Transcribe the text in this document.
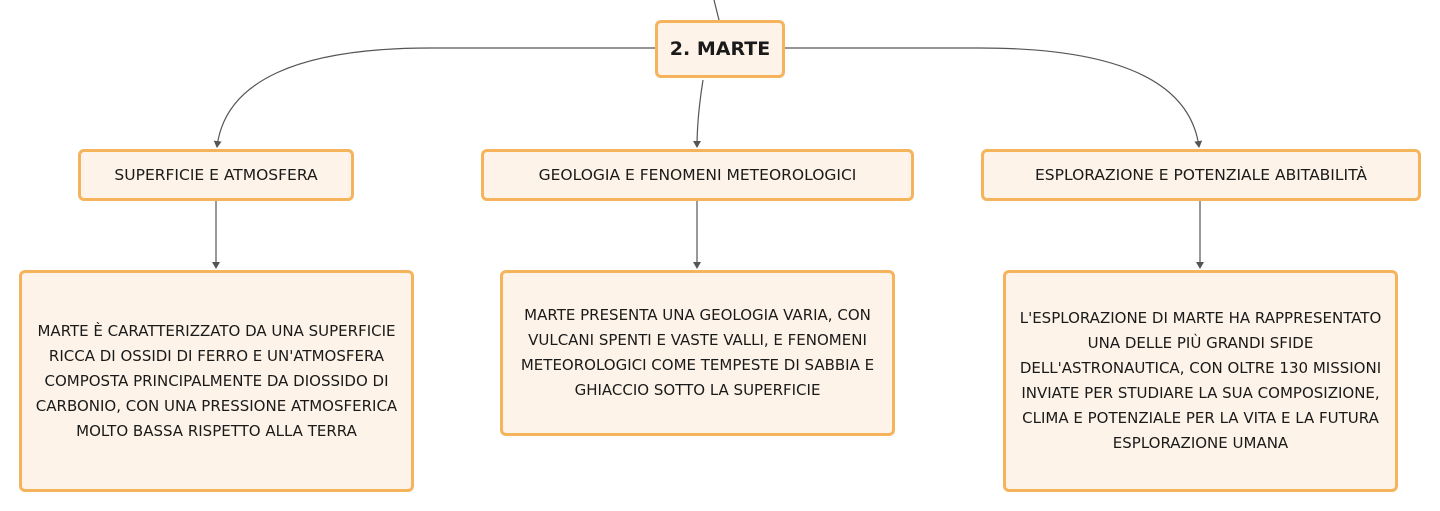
2. MARTE
SUPERFICIE E ATMOSFERA	GEOLOGIA E FENOMENI METEOROLOGICI	ESPLORAZIONE E POTENZIALE ABITABILITÀ
MARTE È CARATTERIZZATO DA UNA SUPERFICIE RICCA DI OSSIDI DI FERRO E UN'ATMOSFERA COMPOSTA PRINCIPALMENTE DA DIOSSIDO DI CARBONIO, CON UNA PRESSIONE ATMOSFERICA MOLTO BASSA RISPETTO ALLA TERRA
MARTE PRESENTA UNA GEOLOGIA VARIA, CON VULCANI SPENTI E VASTE VALLI, E FENOMENI METEOROLOGICI COME TEMPESTE DI SABBIA E GHIACCIO SOTTO LA SUPERFICIE
L'ESPLORAZIONE DI MARTE HA RAPPRESENTATO UNA DELLE PIÙ GRANDI SFIDE DELL'ASTRONAUTICA, CON OLTRE 130 MISSIONI INVIATE PER STUDIARE LA SUA COMPOSIZIONE, CLIMA E POTENZIALE PER LA VITA E LA FUTURA ESPLORAZIONE UMANA
